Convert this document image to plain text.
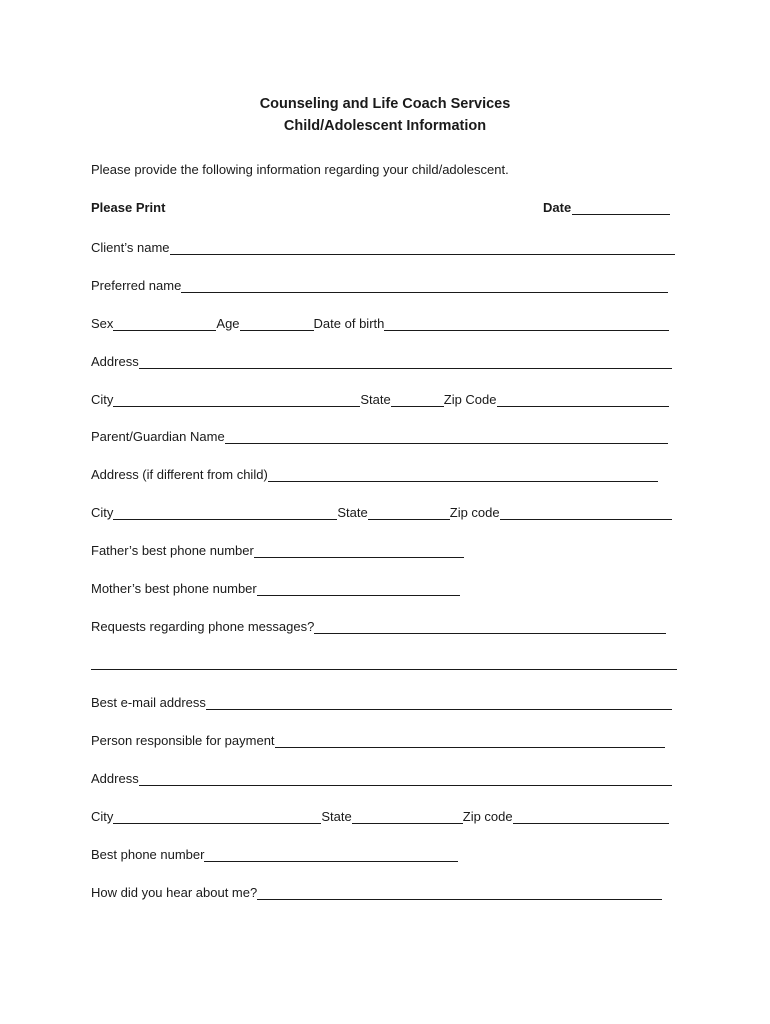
Counseling and Life Coach Services
Child/Adolescent Information
Please provide the following information regarding your child/adolescent.
Please Print	Date
Client’s name
Preferred name
Sex	Age	Date of birth
Address
City	State	Zip Code
Parent/Guardian Name
Address (if different from child)
City	State	Zip code
Father’s best phone number
Mother’s best phone number
Requests regarding phone messages?
Best e-mail address
Person responsible for payment
Address
City	State	Zip code
Best phone number
How did you hear about me?
